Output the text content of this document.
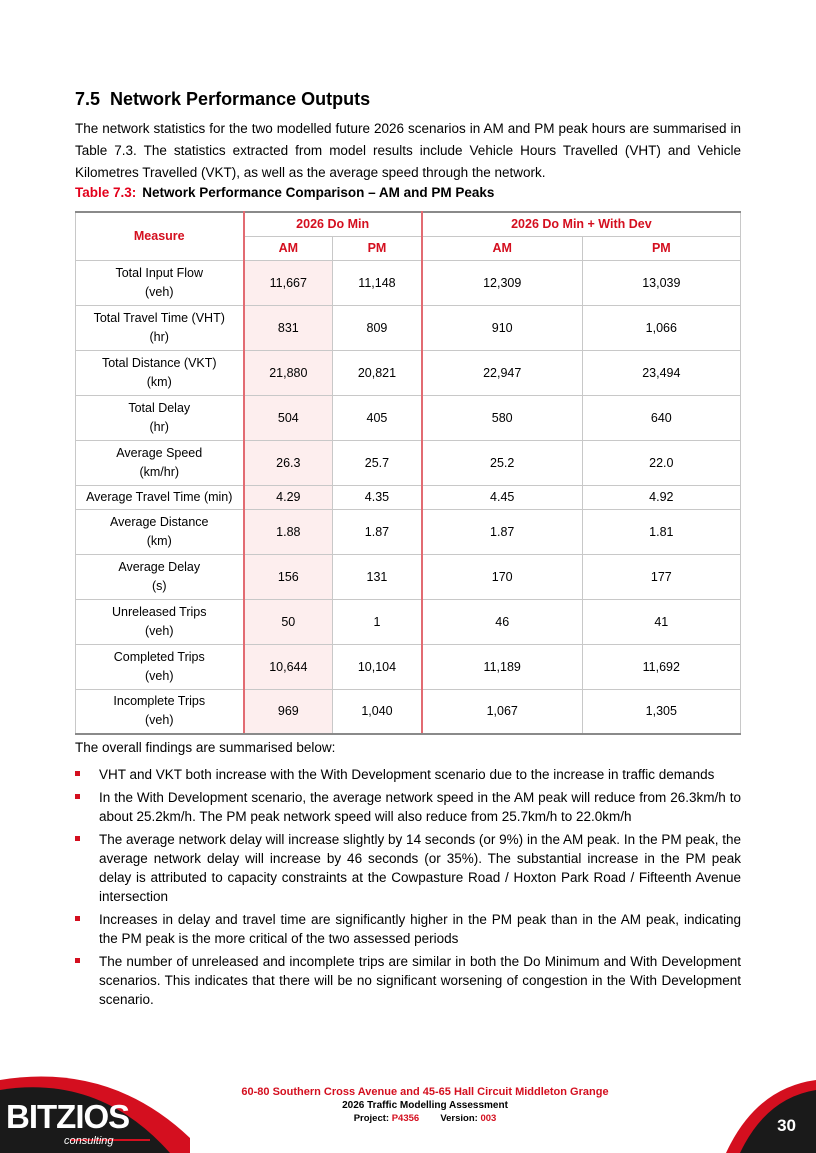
7.5 Network Performance Outputs

The network statistics for the two modelled future 2026 scenarios in AM and PM peak hours are summarised in Table 7.3. The statistics extracted from model results include Vehicle Hours Travelled (VHT) and Vehicle Kilometres Travelled (VKT), as well as the average speed through the network.

Table 7.3: Network Performance Comparison – AM and PM Peaks
Measure	2026 Do Min		2026 Do Min + With Dev	
	AM	PM	AM	PM

Total Input Flow
(veh)	11,667	11,148	12,309	13,039

Total Travel Time (VHT)
(hr)	831	809	910	1,066

Total Distance (VKT)
(km)	21,880	20,821	22,947	23,494

Total Delay
(hr)	504	405	580	640

Average Speed
(km/hr)	26.3	25.7	25.2	22.0

Average Travel Time (min)	4.29	4.35	4.45	4.92

Average Distance
(km)	1.88	1.87	1.87	1.81

Average Delay
(s)	156	131	170	177

Unreleased Trips
(veh)	50	1	46	41

Completed Trips
(veh)	10,644	10,104	11,189	11,692

Incomplete Trips
(veh)	969	1,040	1,067	1,305

The overall findings are summarised below:

VHT and VKT both increase with the With Development scenario due to the increase in traffic demands
In the With Development scenario, the average network speed in the AM peak will reduce from 26.3km/h to about 25.2km/h. The PM peak network speed will also reduce from 25.7km/h to 22.0km/h
The average network delay will increase slightly by 14 seconds (or 9%) in the AM peak. In the PM peak, the average network delay will increase by 46 seconds (or 35%). The substantial increase in the PM peak delay is attributed to capacity constraints at the Cowpasture Road / Hoxton Park Road / Fifteenth Avenue intersection
Increases in delay and travel time are significantly higher in the PM peak than in the AM peak, indicating the PM peak is the more critical of the two assessed periods
The number of unreleased and incomplete trips are similar in both the Do Minimum and With Development scenarios. This indicates that there will be no significant worsening of congestion in the With Development scenario.
BITZIOS
consulting
60-80 Southern Cross Avenue and 45-65 Hall Circuit Middleton Grange
2026 Traffic Modelling Assessment
Project: P4356 Version: 003	30
